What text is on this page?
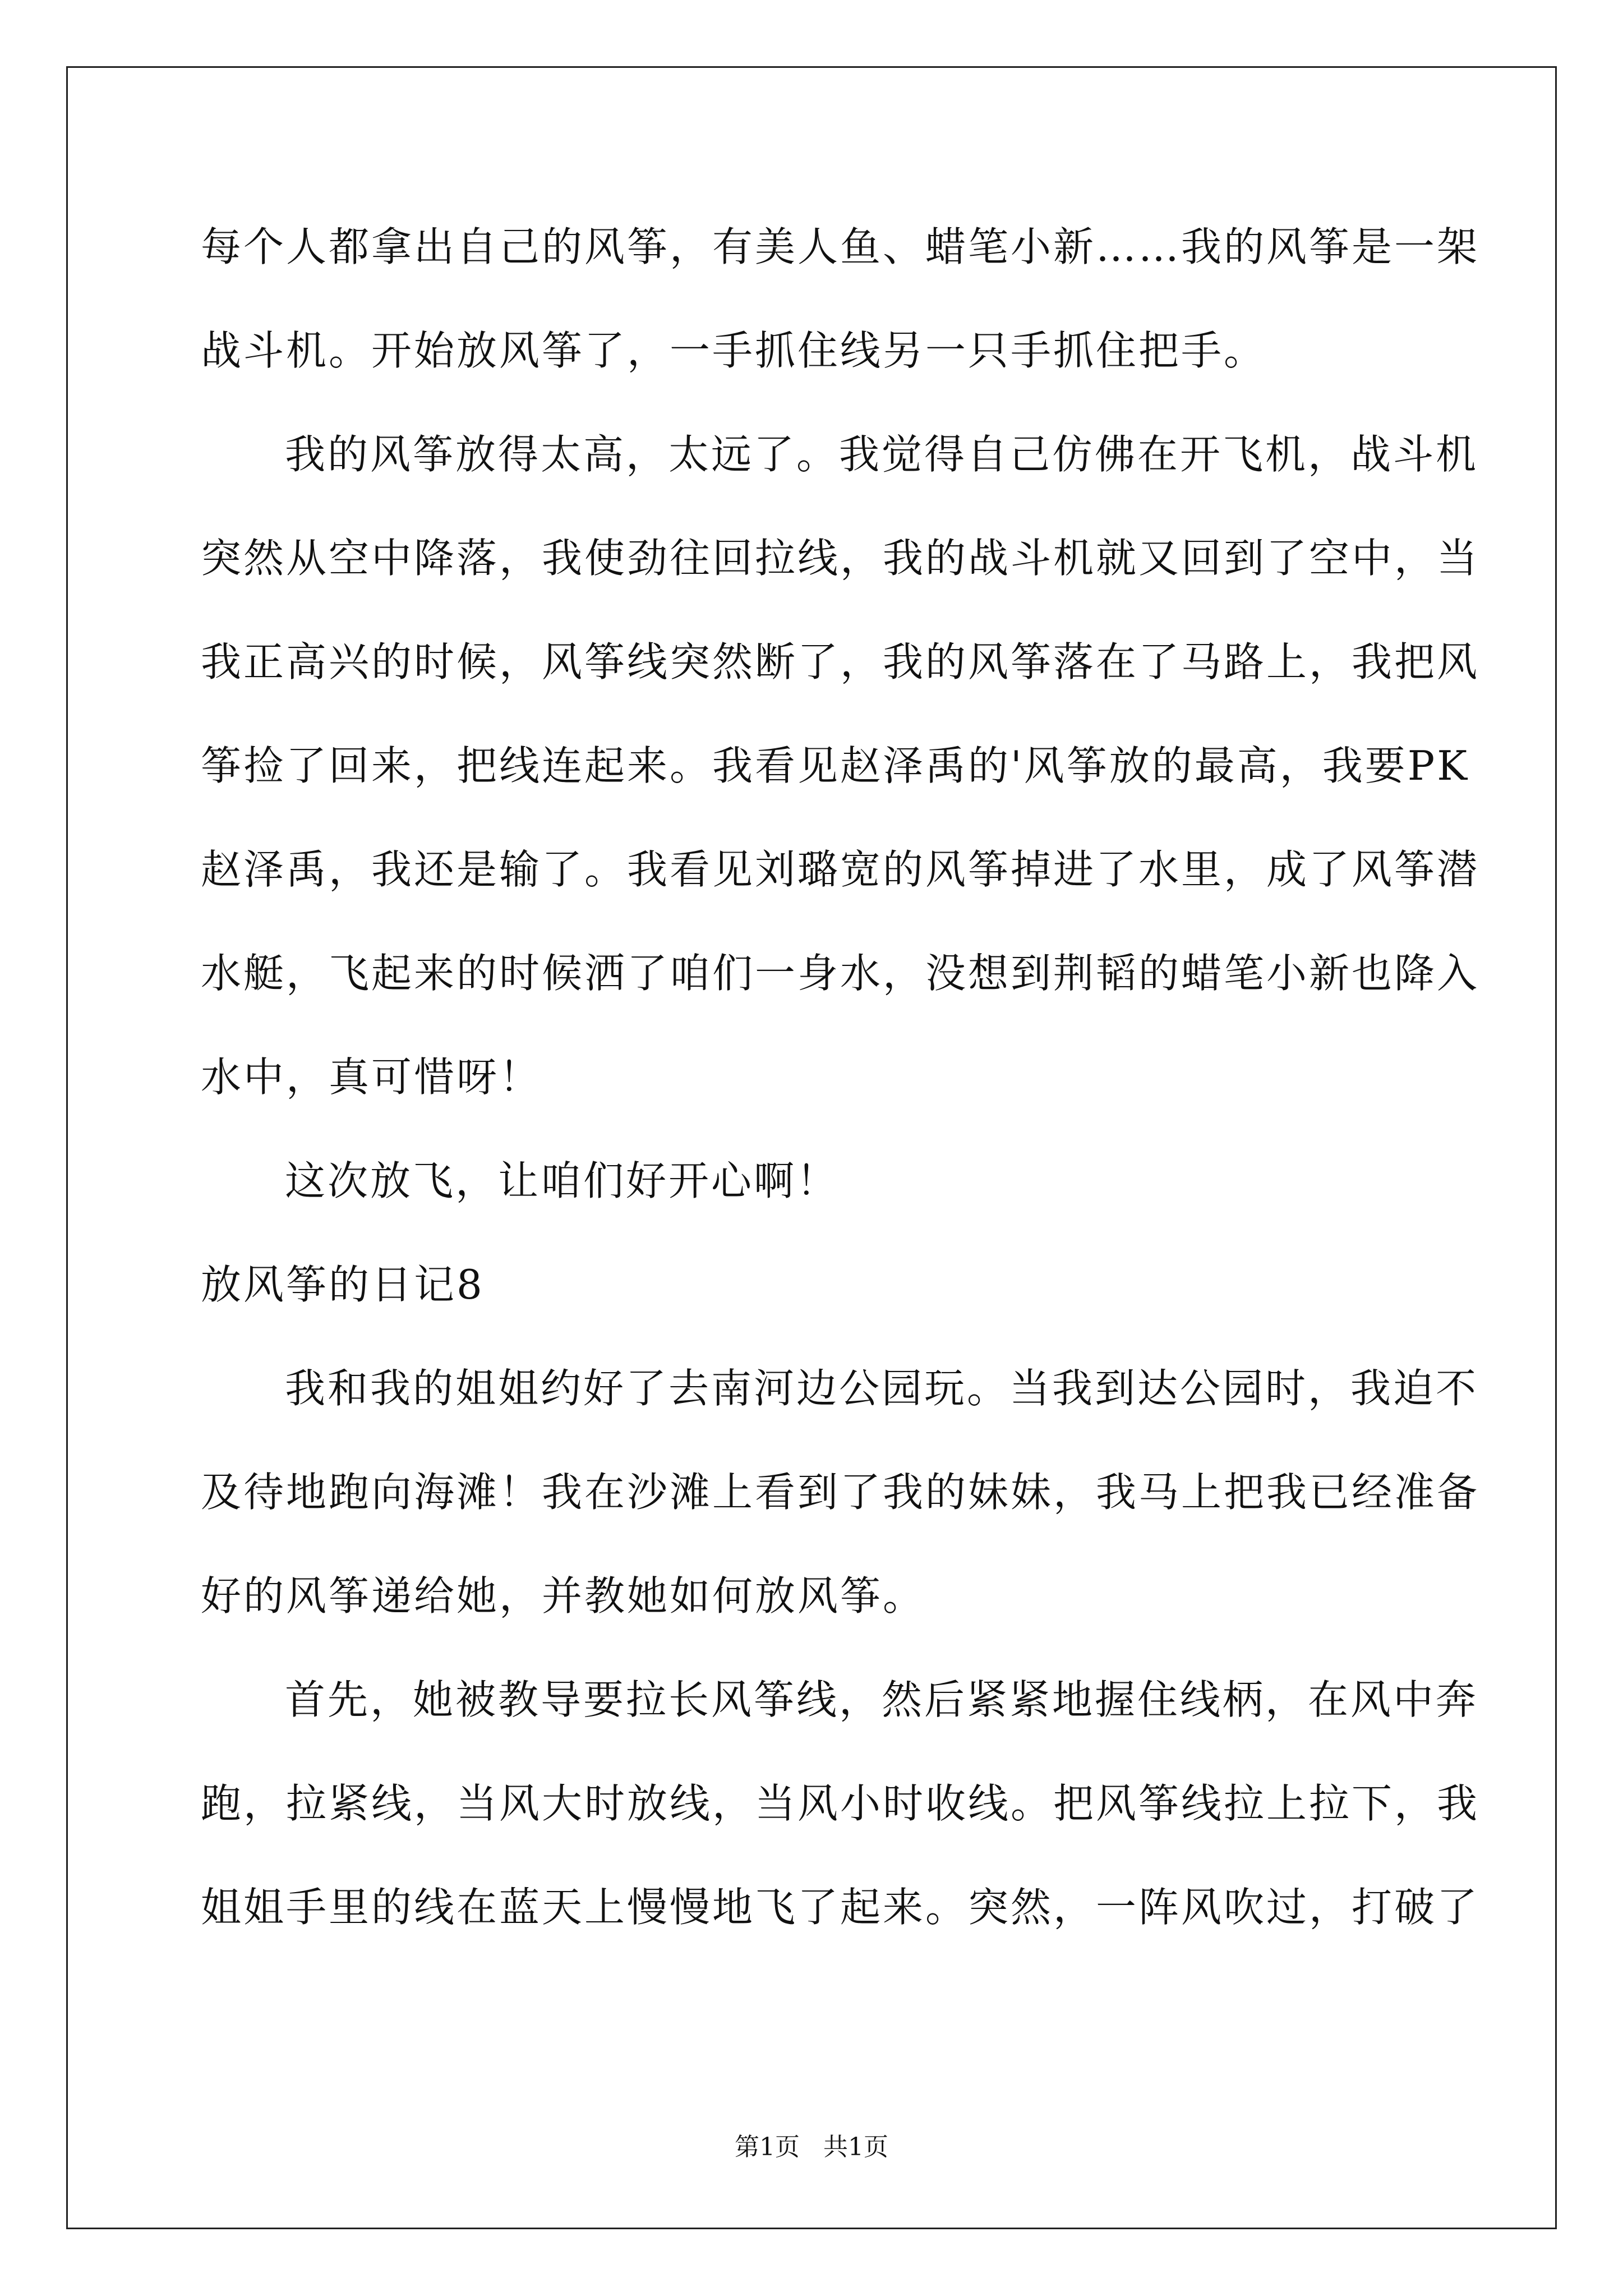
每个人都拿出自己的风筝，有美人鱼、蜡笔小新……我的风筝是一架
战斗机。开始放风筝了，一手抓住线另一只手抓住把手。
我的风筝放得太高，太远了。我觉得自己仿佛在开飞机，战斗机
突然从空中降落，我使劲往回拉线，我的战斗机就又回到了空中，当
我正高兴的时候，风筝线突然断了，我的风筝落在了马路上，我把风
筝捡了回来，把线连起来。我看见赵泽禹的'风筝放的最高，我要PK
赵泽禹，我还是输了。我看见刘璐宽的风筝掉进了水里，成了风筝潜
水艇，飞起来的时候洒了咱们一身水，没想到荆韬的蜡笔小新也降入
水中，真可惜呀！
这次放飞，让咱们好开心啊！
放风筝的日记8
我和我的姐姐约好了去南河边公园玩。当我到达公园时，我迫不
及待地跑向海滩！我在沙滩上看到了我的妹妹，我马上把我已经准备
好的风筝递给她，并教她如何放风筝。
首先，她被教导要拉长风筝线，然后紧紧地握住线柄，在风中奔
跑，拉紧线，当风大时放线，当风小时收线。把风筝线拉上拉下，我
姐姐手里的线在蓝天上慢慢地飞了起来。突然，一阵风吹过，打破了
第1页 共1页
